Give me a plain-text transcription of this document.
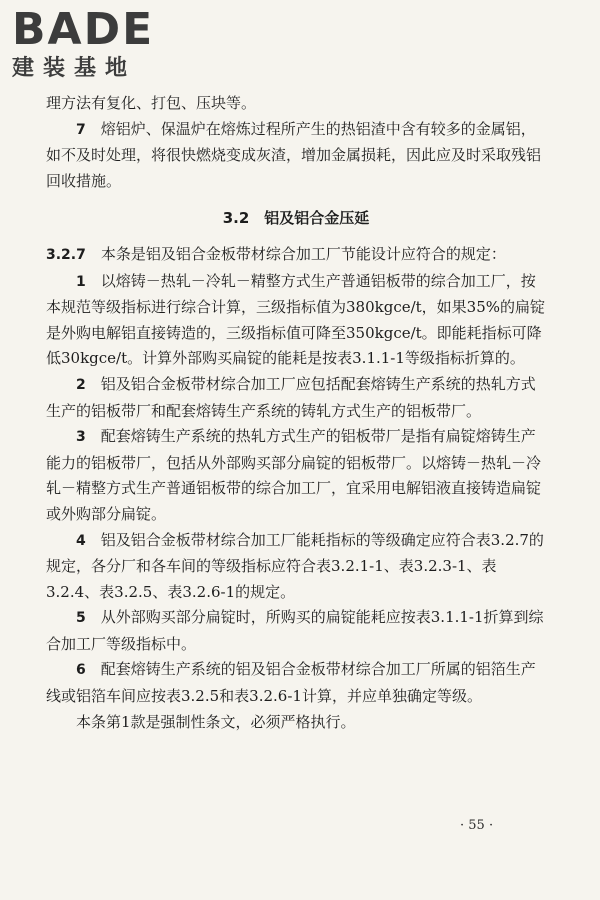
BADE
建装基地

理方法有复化、打包、压块等。

7　 熔铝炉、保温炉在熔炼过程所产生的热铝渣中含有较多的金属铝，如不及时处理，将很快燃烧变成灰渣，增加金属损耗，因此应及时采取残铝回收措施。

3.2　铝及铝合金压延

3.2.7　 本条是铝及铝合金板带材综合加工厂节能设计应符合的规定：

1　 以熔铸－热轧－冷轧－精整方式生产普通铝板带的综合加工厂，按本规范等级指标进行综合计算，三级指标值为380kgce/t，如果35%的扁锭是外购电解铝直接铸造的，三级指标值可降至350kgce/t。即能耗指标可降低30kgce/t。计算外部购买扁锭的能耗是按表3.1.1-1等级指标折算的。

2　 铝及铝合金板带材综合加工厂应包括配套熔铸生产系统的热轧方式生产的铝板带厂和配套熔铸生产系统的铸轧方式生产的铝板带厂。

3　 配套熔铸生产系统的热轧方式生产的铝板带厂是指有扁锭熔铸生产能力的铝板带厂，包括从外部购买部分扁锭的铝板带厂。以熔铸－热轧－冷轧－精整方式生产普通铝板带的综合加工厂，宜采用电解铝液直接铸造扁锭或外购部分扁锭。

4　 铝及铝合金板带材综合加工厂能耗指标的等级确定应符合表3.2.7的规定，各分厂和各车间的等级指标应符合表3.2.1-1、表3.2.3-1、表3.2.4、表3.2.5、表3.2.6-1的规定。

5　 从外部购买部分扁锭时，所购买的扁锭能耗应按表3.1.1-1折算到综合加工厂等级指标中。

6　 配套熔铸生产系统的铝及铝合金板带材综合加工厂所属的铝箔生产线或铝箔车间应按表3.2.5和表3.2.6-1计算，并应单独确定等级。

本条第1款是强制性条文，必须严格执行。

· 55 ·
